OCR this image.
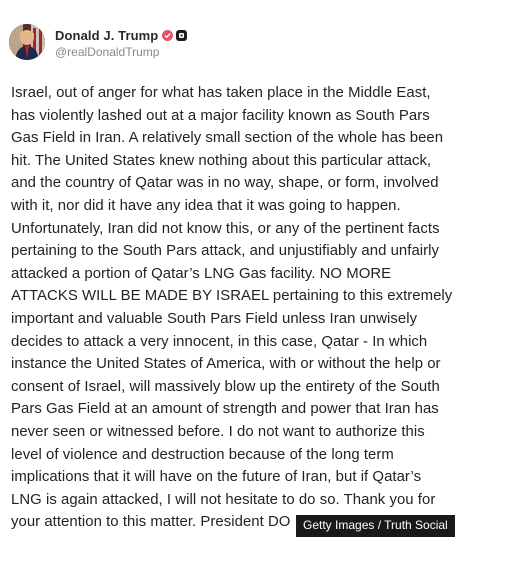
Donald J. Trump
@realDonaldTrump
Israel, out of anger for what has taken place in the Middle East,
has violently lashed out at a major facility known as South Pars
Gas Field in Iran. A relatively small section of the whole has been
hit. The United States knew nothing about this particular attack,
and the country of Qatar was in no way, shape, or form, involved
with it, nor did it have any idea that it was going to happen.
Unfortunately, Iran did not know this, or any of the pertinent facts
pertaining to the South Pars attack, and unjustifiably and unfairly
attacked a portion of Qatar’s LNG Gas facility. NO MORE
ATTACKS WILL BE MADE BY ISRAEL pertaining to this extremely
important and valuable South Pars Field unless Iran unwisely
decides to attack a very innocent, in this case, Qatar - In which
instance the United States of America, with or without the help or
consent of Israel, will massively blow up the entirety of the South
Pars Gas Field at an amount of strength and power that Iran has
never seen or witnessed before. I do not want to authorize this
level of violence and destruction because of the long term
implications that it will have on the future of Iran, but if Qatar’s
LNG is again attacked, I will not hesitate to do so. Thank you for
your attention to this matter. President DO	Getty Images / Truth Social
